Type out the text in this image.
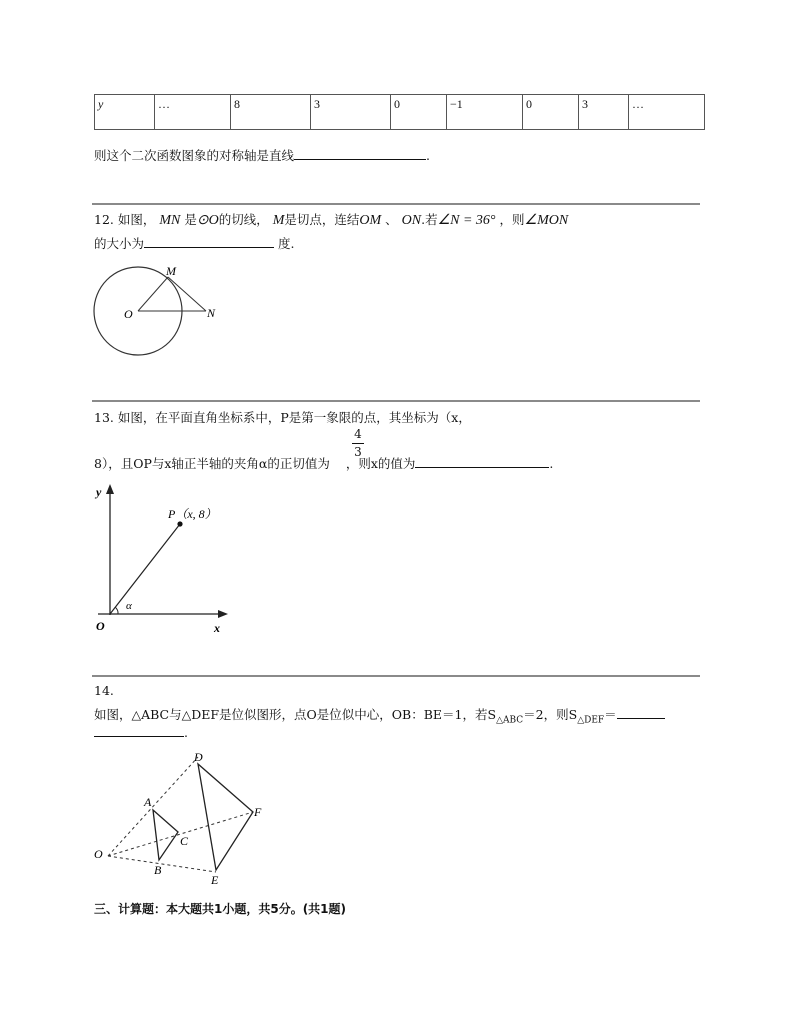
y	…	8	3	0	−1	0	3	…
则这个二次函数图象的对称轴是直线	.
12. 如图， MN 是⊙O的切线， M是切点，连结OM 、 ON.若∠N = 36° ，则∠MON
的大小为	度.
M
O	N
13. 如图，在平面直角坐标系中，P是第一象限的点，其坐标为（x，
4
3
8），且OP与x轴正半轴的夹角α的正切值为 ，则x的值为	.
y
x
O
α
P（x, 8）
14.
如图，△ABC与△DEF是位似图形，点O是位似中心，OB：BE＝1，若$S_{\triangle ABC}=2$，则$S_{\triangle DEF}=$
.
O
A
B
C
D
E
F
三、计算题：本大题共1小题，共5分。(共1题)
